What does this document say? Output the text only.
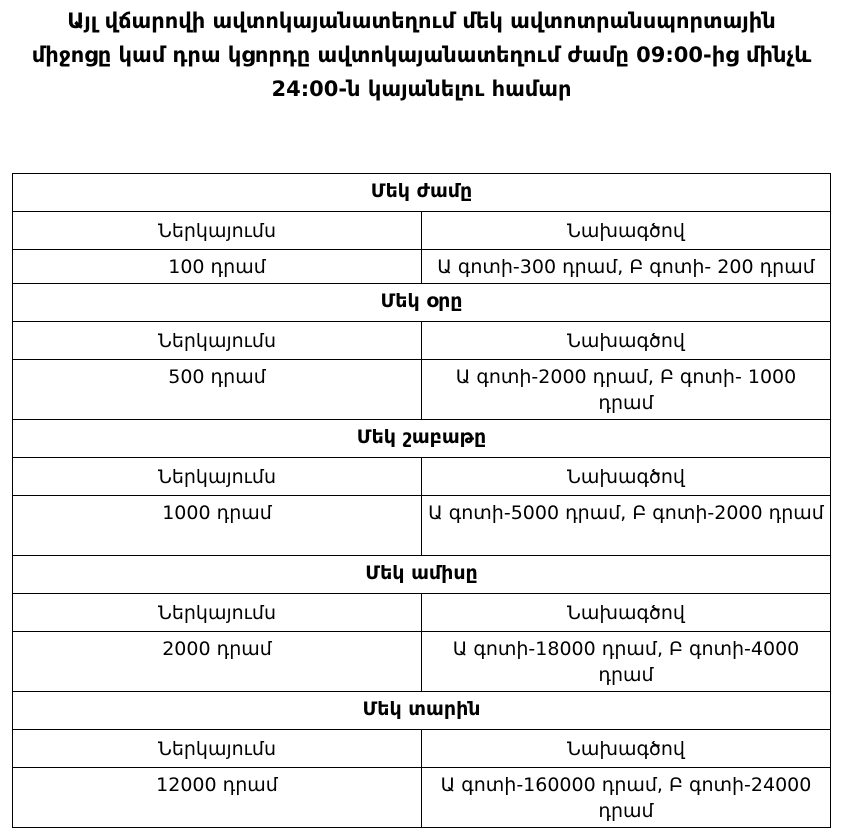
Այլ վճարովի ավտոկայանատեղում մեկ ավտոտրանսպորտային
միջոցը կամ դրա կցորդը ավտոկայանատեղում ժամը 09:00-ից մինչև
24:00-ն կայանելու համար
Մեկ ժամը	
Ներկայումս	Նախագծով
100 դրամ	Ա գոտի-300 դրամ, Բ գոտի- 200 դրամ
Մեկ օրը	
Ներկայումս	Նախագծով
500 դրամ	Ա գոտի-2000 դրամ, Բ գոտի- 1000 դրամ
Մեկ շաբաթը	
Ներկայումս	Նախագծով
1000 դրամ	Ա գոտի-5000 դրամ, Բ գոտի-2000 դրամ
Մեկ ամիսը	
Ներկայումս	Նախագծով
2000 դրամ	Ա գոտի-18000 դրամ, Բ գոտի-4000 դրամ
Մեկ տարին	
Ներկայումս	Նախագծով
12000 դրամ	Ա գոտի-160000 դրամ, Բ գոտի-24000 դրամ
